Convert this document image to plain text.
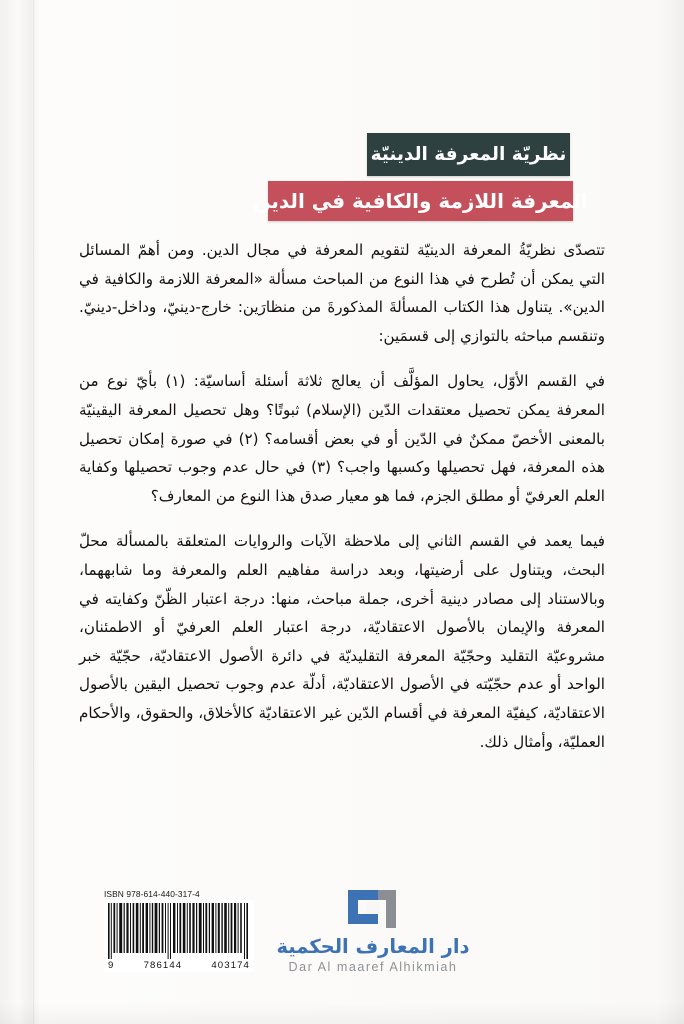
نظريّة المعرفة الدينيّة
المعرفة اللازمة والكافية في الدين

تتصدّى نظريّةُ المعرفة الدينيّة لتقويم المعرفة في مجال الدين. ومن أهمّ المسائل التي يمكن أن تُطرح في هذا النوع من المباحث مسألة «المعرفة اللازمة والكافية في الدين». يتناول هذا الكتاب المسألةَ المذكورةَ من منظارَين: خارج-دينيّ، وداخل-دينيّ. وتنقسم مباحثه بالتوازي إلى قسمَين:

في القسم الأوّل، يحاول المؤلَّف أن يعالج ثلاثة أسئلة أساسيّة: (١) بأيّ نوع من المعرفة يمكن تحصيل معتقدات الدّين (الإسلام) ثبوتًا؟ وهل تحصيل المعرفة اليقينيّة بالمعنى الأخصّ ممكنٌ في الدّين أو في بعض أقسامه؟ (٢) في صورة إمكان تحصيل هذه المعرفة، فهل تحصيلها وكسبها واجب؟ (٣) في حال عدم وجوب تحصيلها وكفاية العلم العرفيّ أو مطلق الجزم، فما هو معيار صدق هذا النوع من المعارف؟

فيما يعمد في القسم الثاني إلى ملاحظة الآيات والروايات المتعلقة بالمسألة محلّ البحث، ويتناول على أرضيتها، وبعد دراسة مفاهيم العلم والمعرفة وما شابههما، وبالاستناد إلى مصادر دينية أخرى، جملة مباحث، منها: درجة اعتبار الظّنّ وكفايته في المعرفة والإيمان بالأصول الاعتقاديّة، درجة اعتبار العلم العرفيّ أو الاطمئنان، مشروعيّة التقليد وحجّيّة المعرفة التقليديّة في دائرة الأصول الاعتقاديّة، حجّيّة خبر الواحد أو عدم حجّيّته في الأصول الاعتقاديّة، أدلّة عدم وجوب تحصيل اليقين بالأصول الاعتقاديّة، كيفيّة المعرفة في أقسام الدّين غير الاعتقاديّة كالأخلاق، والحقوق، والأحكام العمليّة، وأمثال ذلك.

ISBN 978-614-440-317-4
9	786144	403174
دار المعارف الحكمية
Dar Al maaref Alhikmiah
